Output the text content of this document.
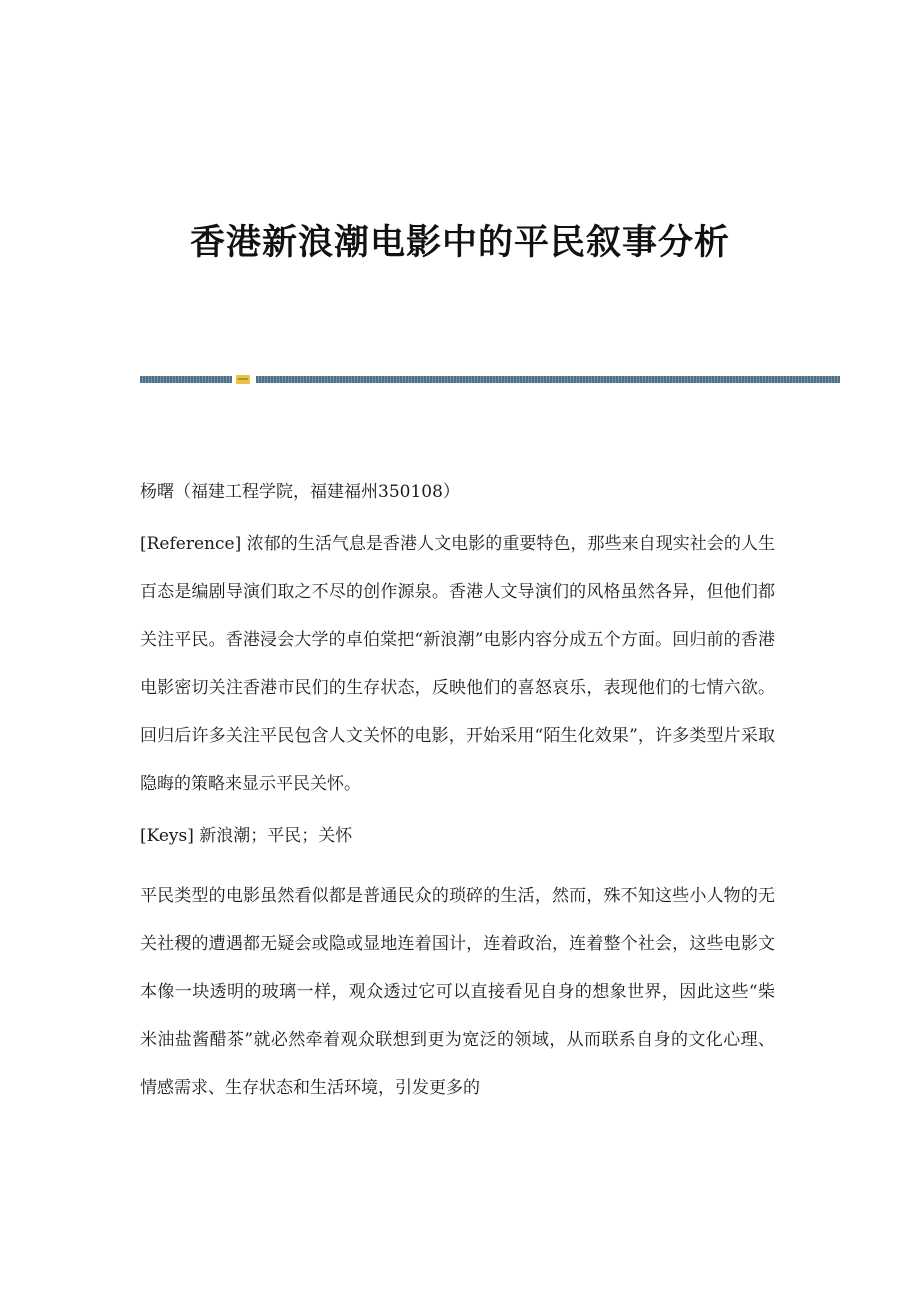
香港新浪潮电影中的平民叙事分析

杨曙（福建工程学院，福建福州350108）

[Reference] 浓郁的生活气息是香港人文电影的重要特色，那些来自现实社会的人生百态是编剧导演们取之不尽的创作源泉。香港人文导演们的风格虽然各异，但他们都关注平民。香港浸会大学的卓伯棠把“新浪潮”电影内容分成五个方面。回归前的香港电影密切关注香港市民们的生存状态，反映他们的喜怒哀乐，表现他们的七情六欲。回归后许多关注平民包含人文关怀的电影，开始采用“陌生化效果”，许多类型片采取隐晦的策略来显示平民关怀。

[Keys] 新浪潮；平民；关怀

平民类型的电影虽然看似都是普通民众的琐碎的生活，然而，殊不知这些小人物的无关社稷的遭遇都无疑会或隐或显地连着国计，连着政治，连着整个社会，这些电影文本像一块透明的玻璃一样，观众透过它可以直接看见自身的想象世界，因此这些“柴米油盐酱醋茶”就必然牵着观众联想到更为宽泛的领域，从而联系自身的文化心理、情感需求、生存状态和生活环境，引发更多的
